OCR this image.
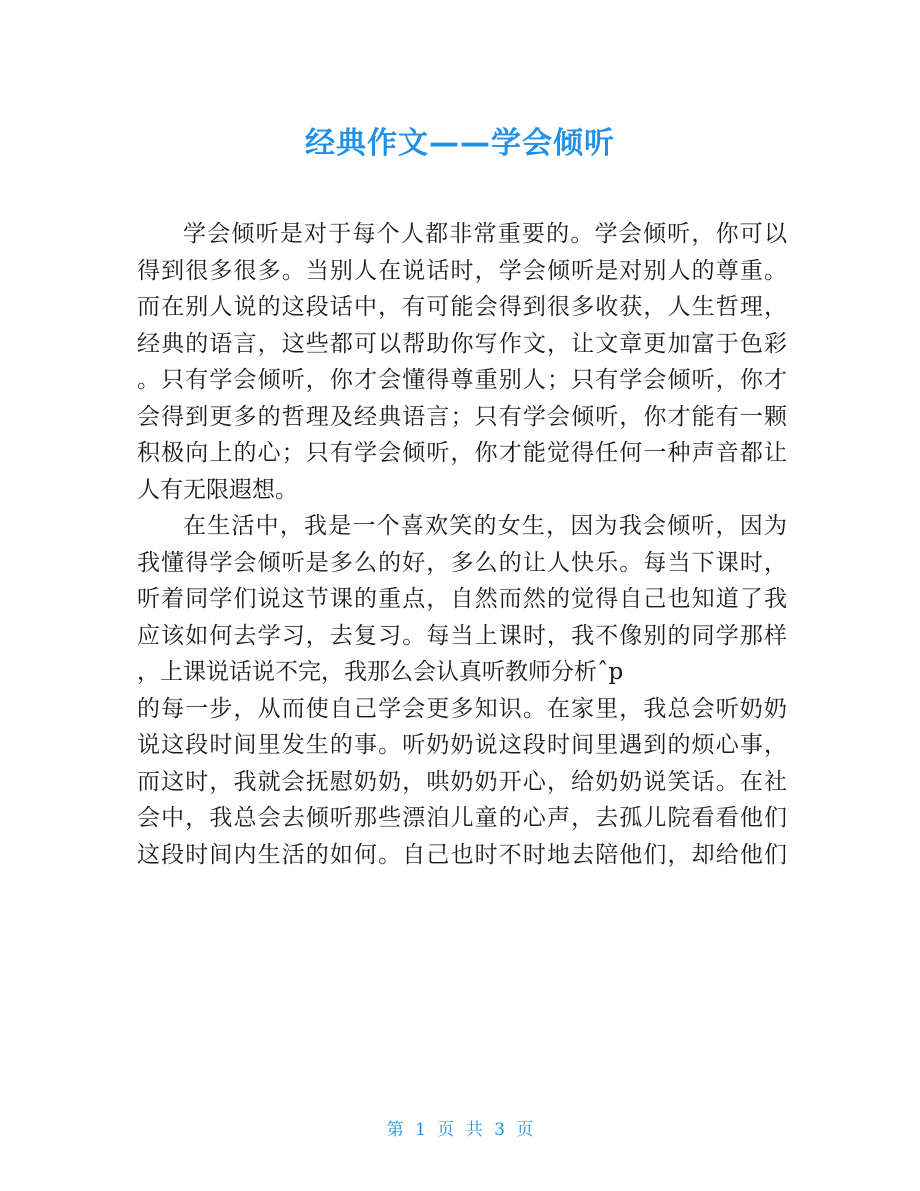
经典作文——学会倾听
学会倾听是对于每个人都非常重要的。学会倾听，你可以
得到很多很多。当别人在说话时，学会倾听是对别人的尊重。
而在别人说的这段话中，有可能会得到很多收获，人生哲理，
经典的语言，这些都可以帮助你写作文，让文章更加富于色彩
。只有学会倾听，你才会懂得尊重别人；只有学会倾听，你才
会得到更多的哲理及经典语言；只有学会倾听，你才能有一颗
积极向上的心；只有学会倾听，你才能觉得任何一种声音都让
人有无限遐想。
在生活中，我是一个喜欢笑的女生，因为我会倾听，因为
我懂得学会倾听是多么的好，多么的让人快乐。每当下课时，
听着同学们说这节课的重点，自然而然的觉得自己也知道了我
应该如何去学习，去复习。每当上课时，我不像别的同学那样
，上课说话说不完，我那么会认真听教师分析ˆp
的每一步，从而使自己学会更多知识。在家里，我总会听奶奶
说这段时间里发生的事。听奶奶说这段时间里遇到的烦心事，
而这时，我就会抚慰奶奶，哄奶奶开心，给奶奶说笑话。在社
会中，我总会去倾听那些漂泊儿童的心声，去孤儿院看看他们
这段时间内生活的如何。自己也时不时地去陪他们，却给他们
第 1 页 共 3 页
